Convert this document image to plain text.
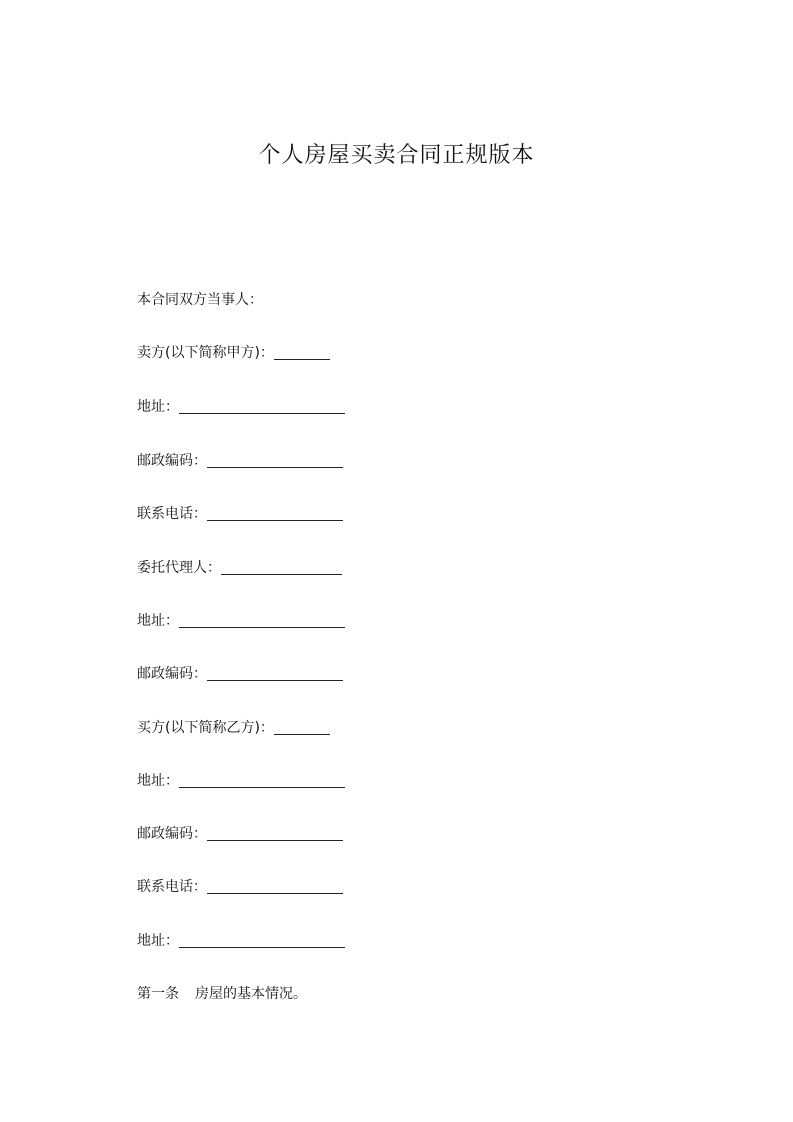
个人房屋买卖合同正规版本
本合同双方当事人：
卖方(以下简称甲方)：
地址：
邮政编码：
联系电话：
委托代理人：
地址：
邮政编码：
买方(以下简称乙方)：
地址：
邮政编码：
联系电话：
地址：
第一条 房屋的基本情况。
